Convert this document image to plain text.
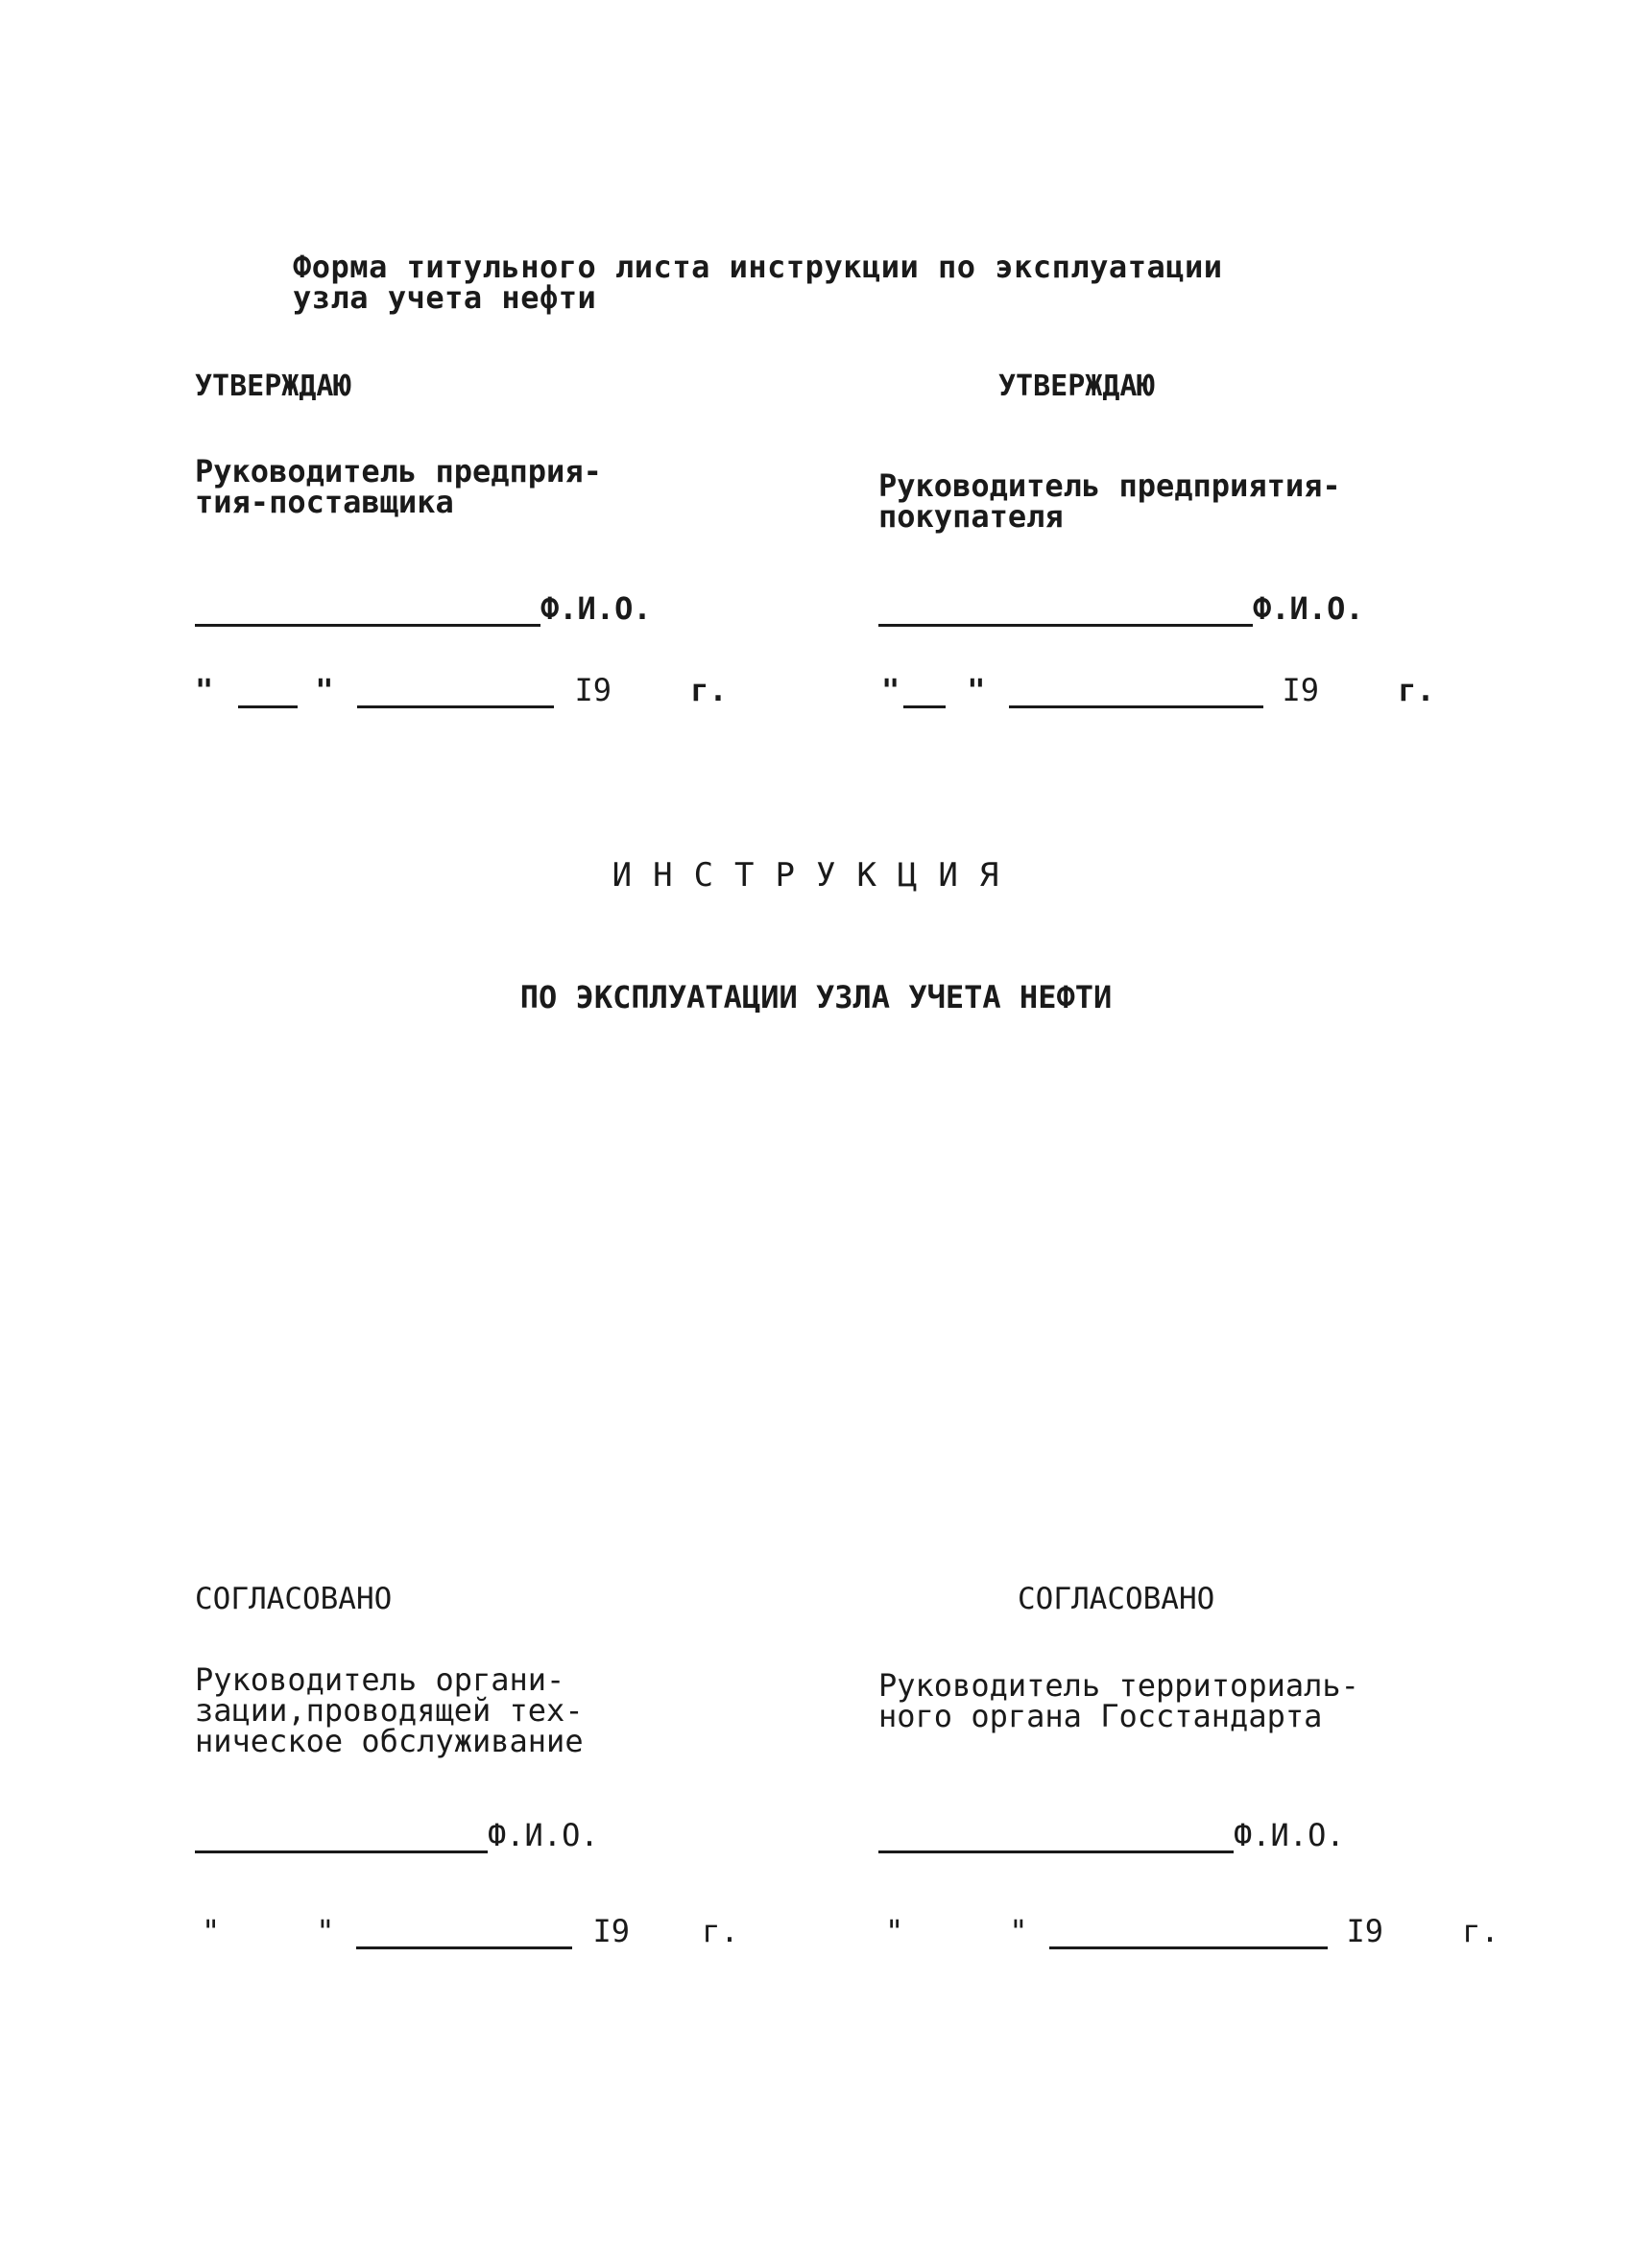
Форма титульного листа инструкции по эксплуатации
узла учета нефти
УТВЕРЖДАЮ
Руководитель предприя-
тия-поставщика
Ф.И.О.
"	"	I9	г.
УТВЕРЖДАЮ
Руководитель предприятия-
покупателя
Ф.И.О.
" "	I9	г.
ИНСТРУКЦИЯ
ПО ЭКСПЛУАТАЦИИ УЗЛА УЧЕТА НЕФТИ
СОГЛАСОВАНО
Руководитель органи-
зации,проводящей тех-
ническое обслуживание
Ф.И.О.
"	"	I9 г.
СОГЛАСОВАНО
Руководитель территориаль-
ного органа Госстандарта
Ф.И.О.
"	"	I9	г.
